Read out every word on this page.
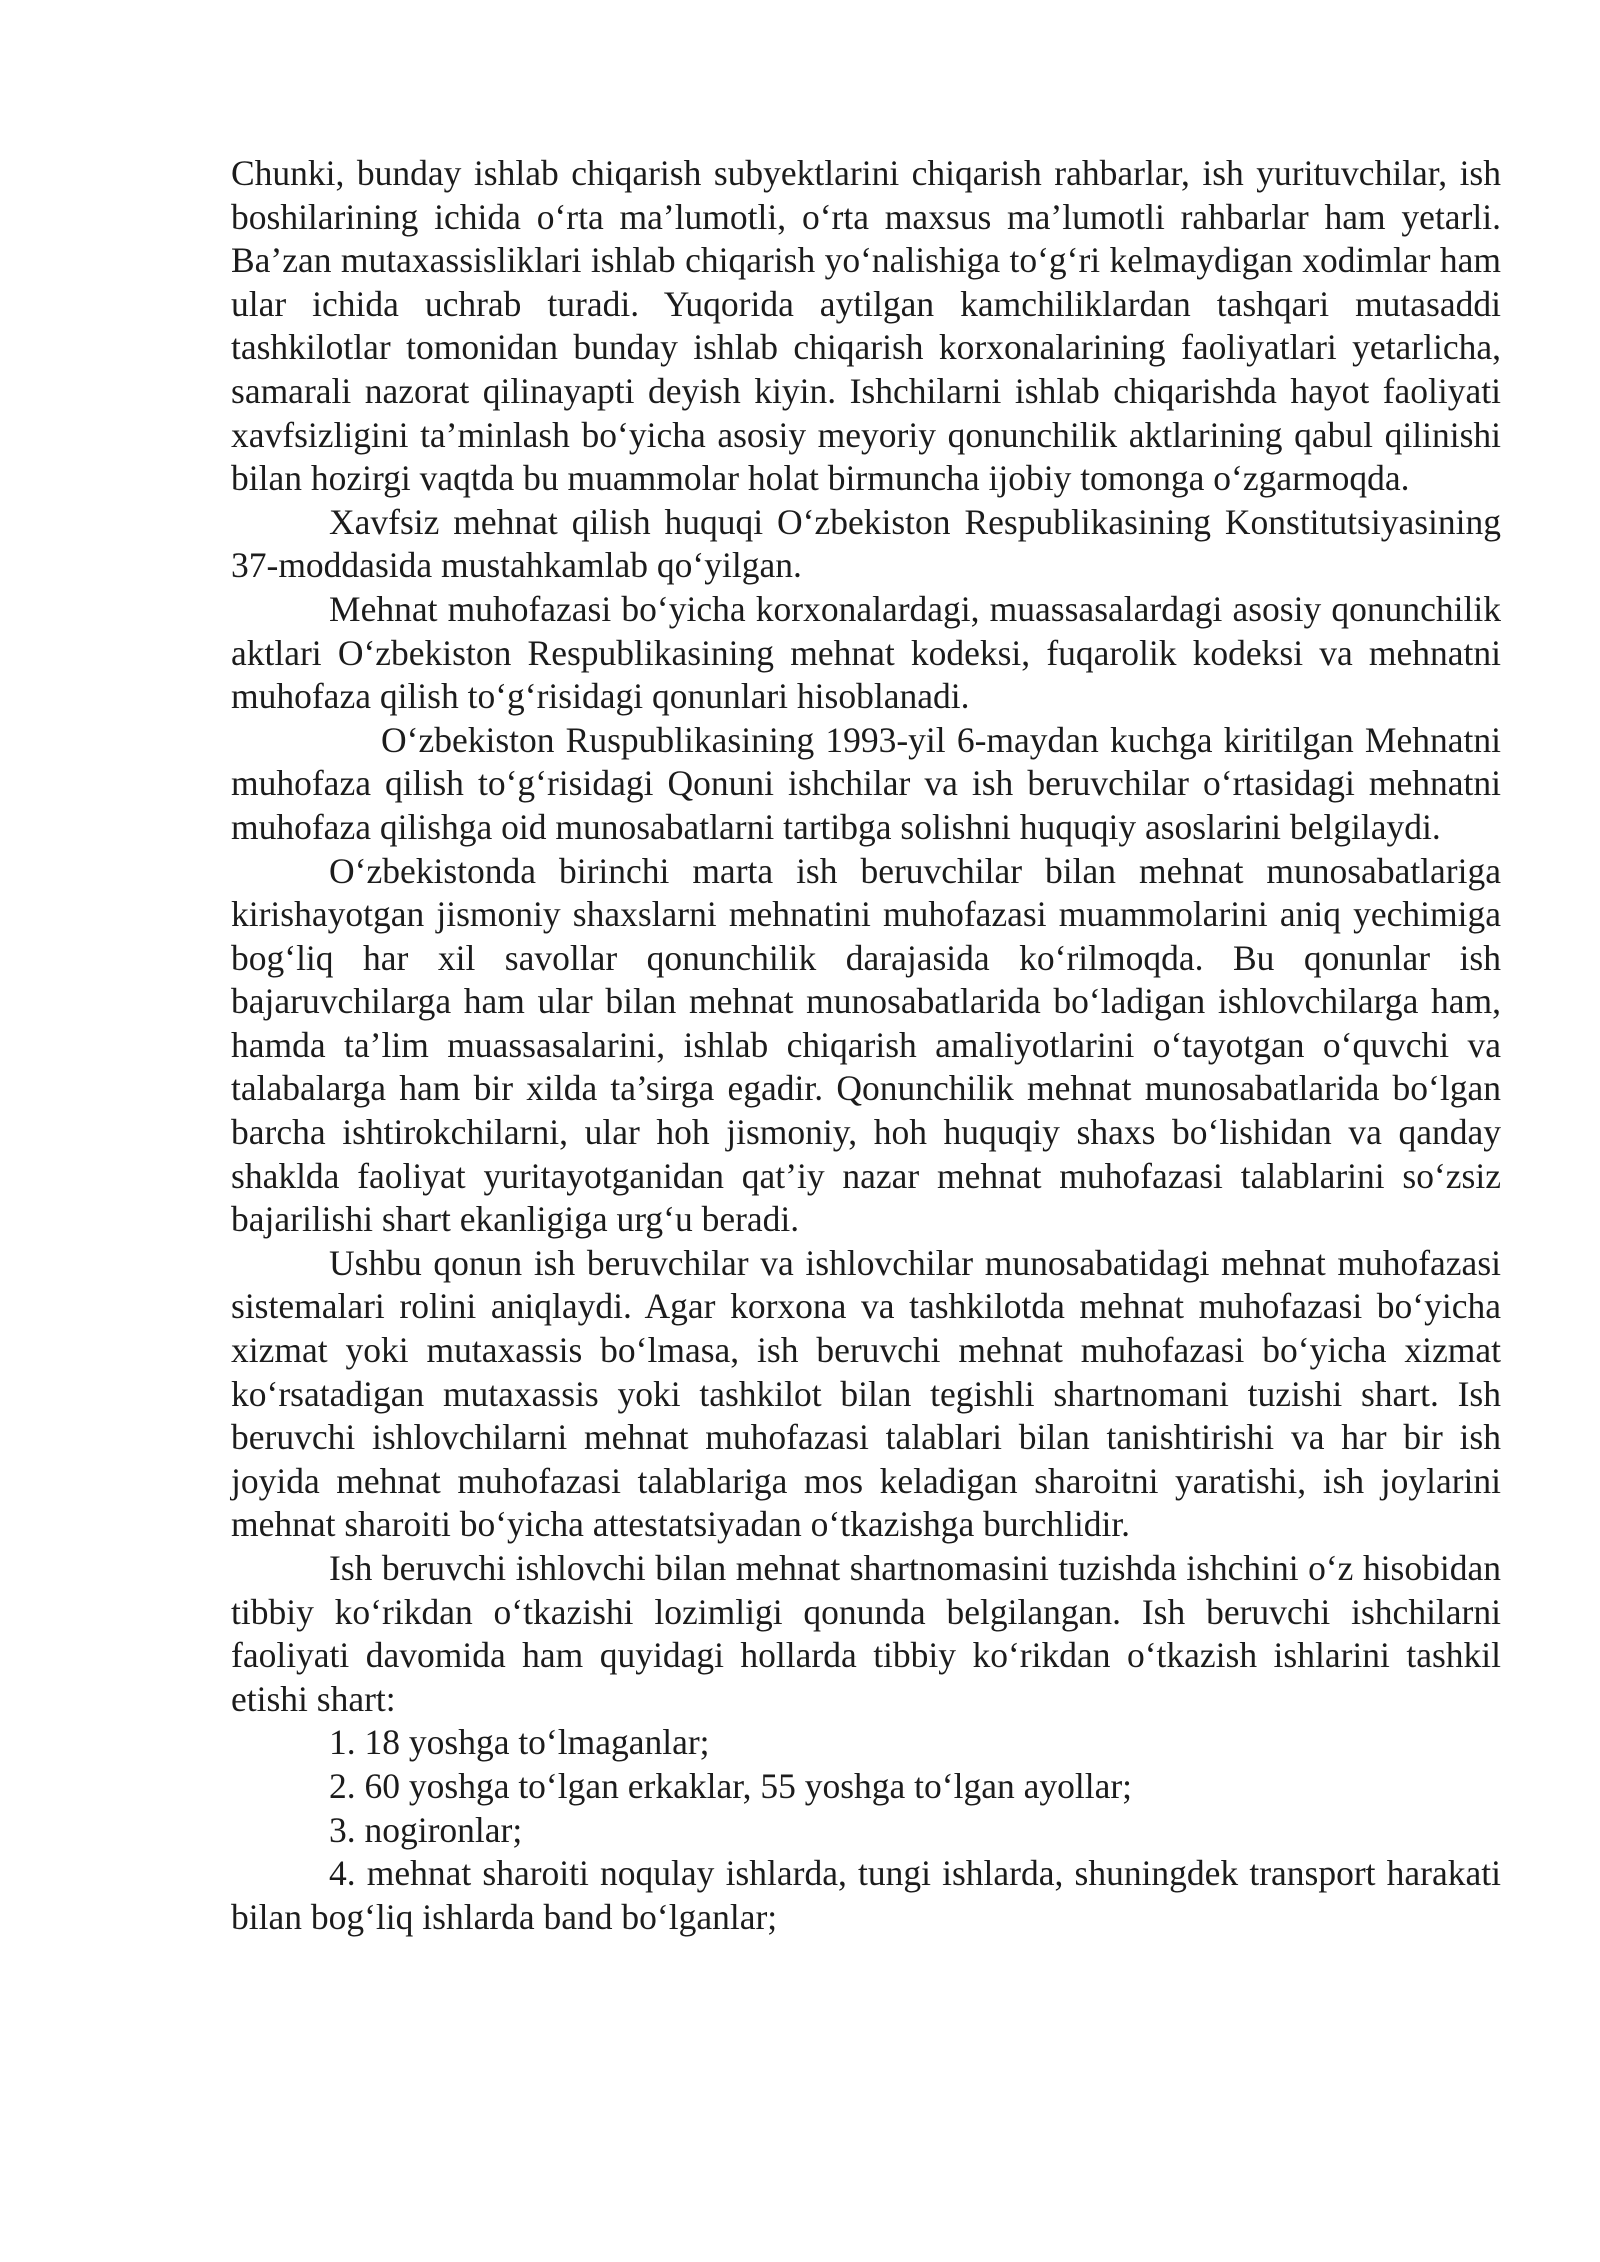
Chunki, bunday ishlab chiqarish subyektlarini chiqarish rahbarlar, ish yurituvchilar, ish boshilarining ichida o‘rta ma’lumotli, o‘rta maxsus ma’lumotli rahbarlar ham yetarli. Ba’zan mutaxassisliklari ishlab chiqarish yo‘nalishiga to‘g‘ri kelmaydigan xodimlar ham ular ichida uchrab turadi. Yuqorida aytilgan kamchiliklardan tashqari mutasaddi tashkilotlar tomonidan bunday ishlab chiqarish korxonalarining faoliyatlari yetarlicha, samarali nazorat qilinayapti deyish kiyin. Ishchilarni ishlab chiqarishda hayot faoliyati xavfsizligini ta’minlash bo‘yicha asosiy meyoriy qonunchilik aktlarining qabul qilinishi bilan hozirgi vaqtda bu muammolar holat birmuncha ijobiy tomonga o‘zgarmoqda.

Xavfsiz mehnat qilish huquqi O‘zbekiston Respublikasining Konstitutsiyasining 37-moddasida mustahkamlab qo‘yilgan.

Mehnat muhofazasi bo‘yicha korxonalardagi, muassasalardagi asosiy qonunchilik aktlari O‘zbekiston Respublikasining mehnat kodeksi, fuqarolik kodeksi va mehnatni muhofaza qilish to‘g‘risidagi qonunlari hisoblanadi.

O‘zbekiston Ruspublikasining 1993-yil 6-maydan kuchga kiritilgan Mehnatni muhofaza qilish to‘g‘risidagi Qonuni ishchilar va ish beruvchilar o‘rtasidagi mehnatni muhofaza qilishga oid munosabatlarni tartibga solishni huquqiy asoslarini belgilaydi.

O‘zbekistonda birinchi marta ish beruvchilar bilan mehnat munosabatlariga kirishayotgan jismoniy shaxslarni mehnatini muhofazasi muammolarini aniq yechimiga bog‘liq har xil savollar qonunchilik darajasida ko‘rilmoqda. Bu qonunlar ish bajaruvchilarga ham ular bilan mehnat munosabatlarida bo‘ladigan ishlovchilarga ham, hamda ta’lim muassasalarini, ishlab chiqarish amaliyotlarini o‘tayotgan o‘quvchi va talabalarga ham bir xilda ta’sirga egadir. Qonunchilik mehnat munosabatlarida bo‘lgan barcha ishtirokchilarni, ular hoh jismoniy, hoh huquqiy shaxs bo‘lishidan va qanday shaklda faoliyat yuritayotganidan qat’iy nazar mehnat muhofazasi talablarini so‘zsiz bajarilishi shart ekanligiga urg‘u beradi.

Ushbu qonun ish beruvchilar va ishlovchilar munosabatidagi mehnat muhofazasi sistemalari rolini aniqlaydi. Agar korxona va tashkilotda mehnat muhofazasi bo‘yicha xizmat yoki mutaxassis bo‘lmasa, ish beruvchi mehnat muhofazasi bo‘yicha xizmat ko‘rsatadigan mutaxassis yoki tashkilot bilan tegishli shartnomani tuzishi shart. Ish beruvchi ishlovchilarni mehnat muhofazasi talablari bilan tanishtirishi va har bir ish joyida mehnat muhofazasi talablariga mos keladigan sharoitni yaratishi, ish joylarini mehnat sharoiti bo‘yicha attestatsiyadan o‘tkazishga burchlidir.

Ish beruvchi ishlovchi bilan mehnat shartnomasini tuzishda ishchini o‘z hisobidan tibbiy ko‘rikdan o‘tkazishi lozimligi qonunda belgilangan. Ish beruvchi ishchilarni faoliyati davomida ham quyidagi hollarda tibbiy ko‘rikdan o‘tkazish ishlarini tashkil etishi shart:

1. 18 yoshga to‘lmaganlar;
2. 60 yoshga to‘lgan erkaklar, 55 yoshga to‘lgan ayollar;
3. nogironlar;
4. mehnat sharoiti noqulay ishlarda, tungi ishlarda, shuningdek transport harakati bilan bog‘liq ishlarda band bo‘lganlar;
